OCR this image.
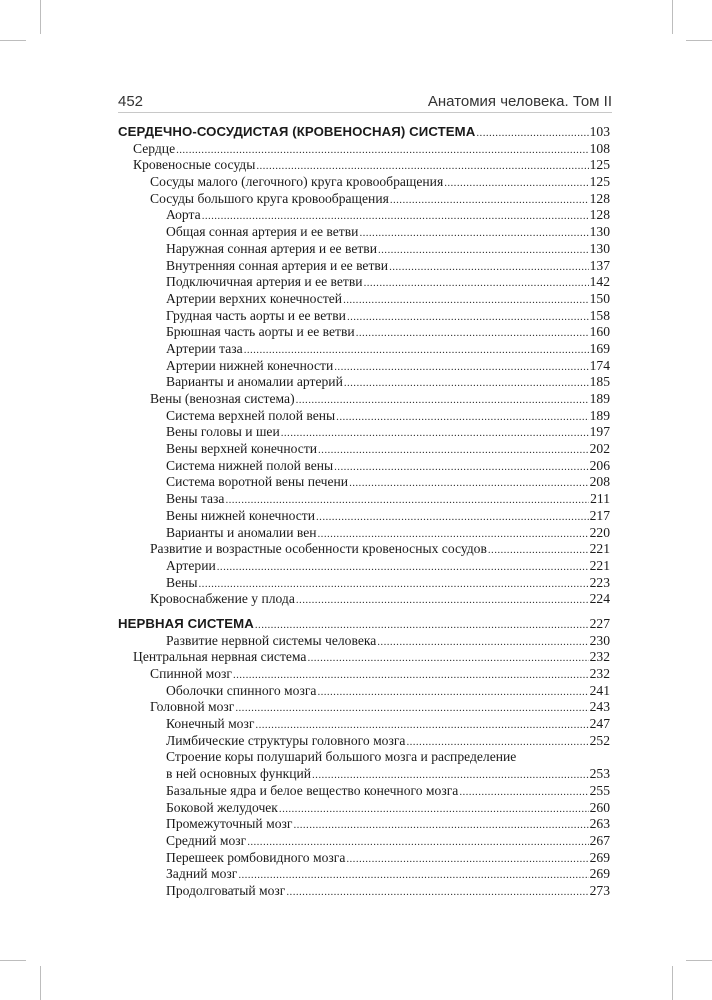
452	Анатомия человека. Том II
СЕРДЕЧНО-СОСУДИСТАЯ (КРОВЕНОСНАЯ) СИСТЕМА .....	103
Сердце .....	108
Кровеносные сосуды .....	125
Сосуды малого (легочного) круга кровообращения .....	125
Сосуды большого круга кровообращения .....	128
Аорта .....	128
Общая сонная артерия и ее ветви .....	130
Наружная сонная артерия и ее ветви .....	130
Внутренняя сонная артерия и ее ветви .....	137
Подключичная артерия и ее ветви .....	142
Артерии верхних конечностей .....	150
Грудная часть аорты и ее ветви .....	158
Брюшная часть аорты и ее ветви .....	160
Артерии таза .....	169
Артерии нижней конечности .....	174
Варианты и аномалии артерий .....	185
Вены (венозная система) .....	189
Система верхней полой вены .....	189
Вены головы и шеи .....	197
Вены верхней конечности .....	202
Система нижней полой вены .....	206
Система воротной вены печени .....	208
Вены таза .....	211
Вены нижней конечности .....	217
Варианты и аномалии вен .....	220
Развитие и возрастные особенности кровеносных сосудов .....	221
Артерии .....	221
Вены .....	223
Кровоснабжение у плода .....	224
НЕРВНАЯ СИСТЕМА .....	227
Развитие нервной системы человека .....	230
Центральная нервная система .....	232
Спинной мозг .....	232
Оболочки спинного мозга .....	241
Головной мозг .....	243
Конечный мозг .....	247
Лимбические структуры головного мозга .....	252
Строение коры полушарий большого мозга и распределение
в ней основных функций .....	253
Базальные ядра и белое вещество конечного мозга .....	255
Боковой желудочек .....	260
Промежуточный мозг .....	263
Средний мозг .....	267
Перешеек ромбовидного мозга .....	269
Задний мозг .....	269
Продолговатый мозг .....	273
